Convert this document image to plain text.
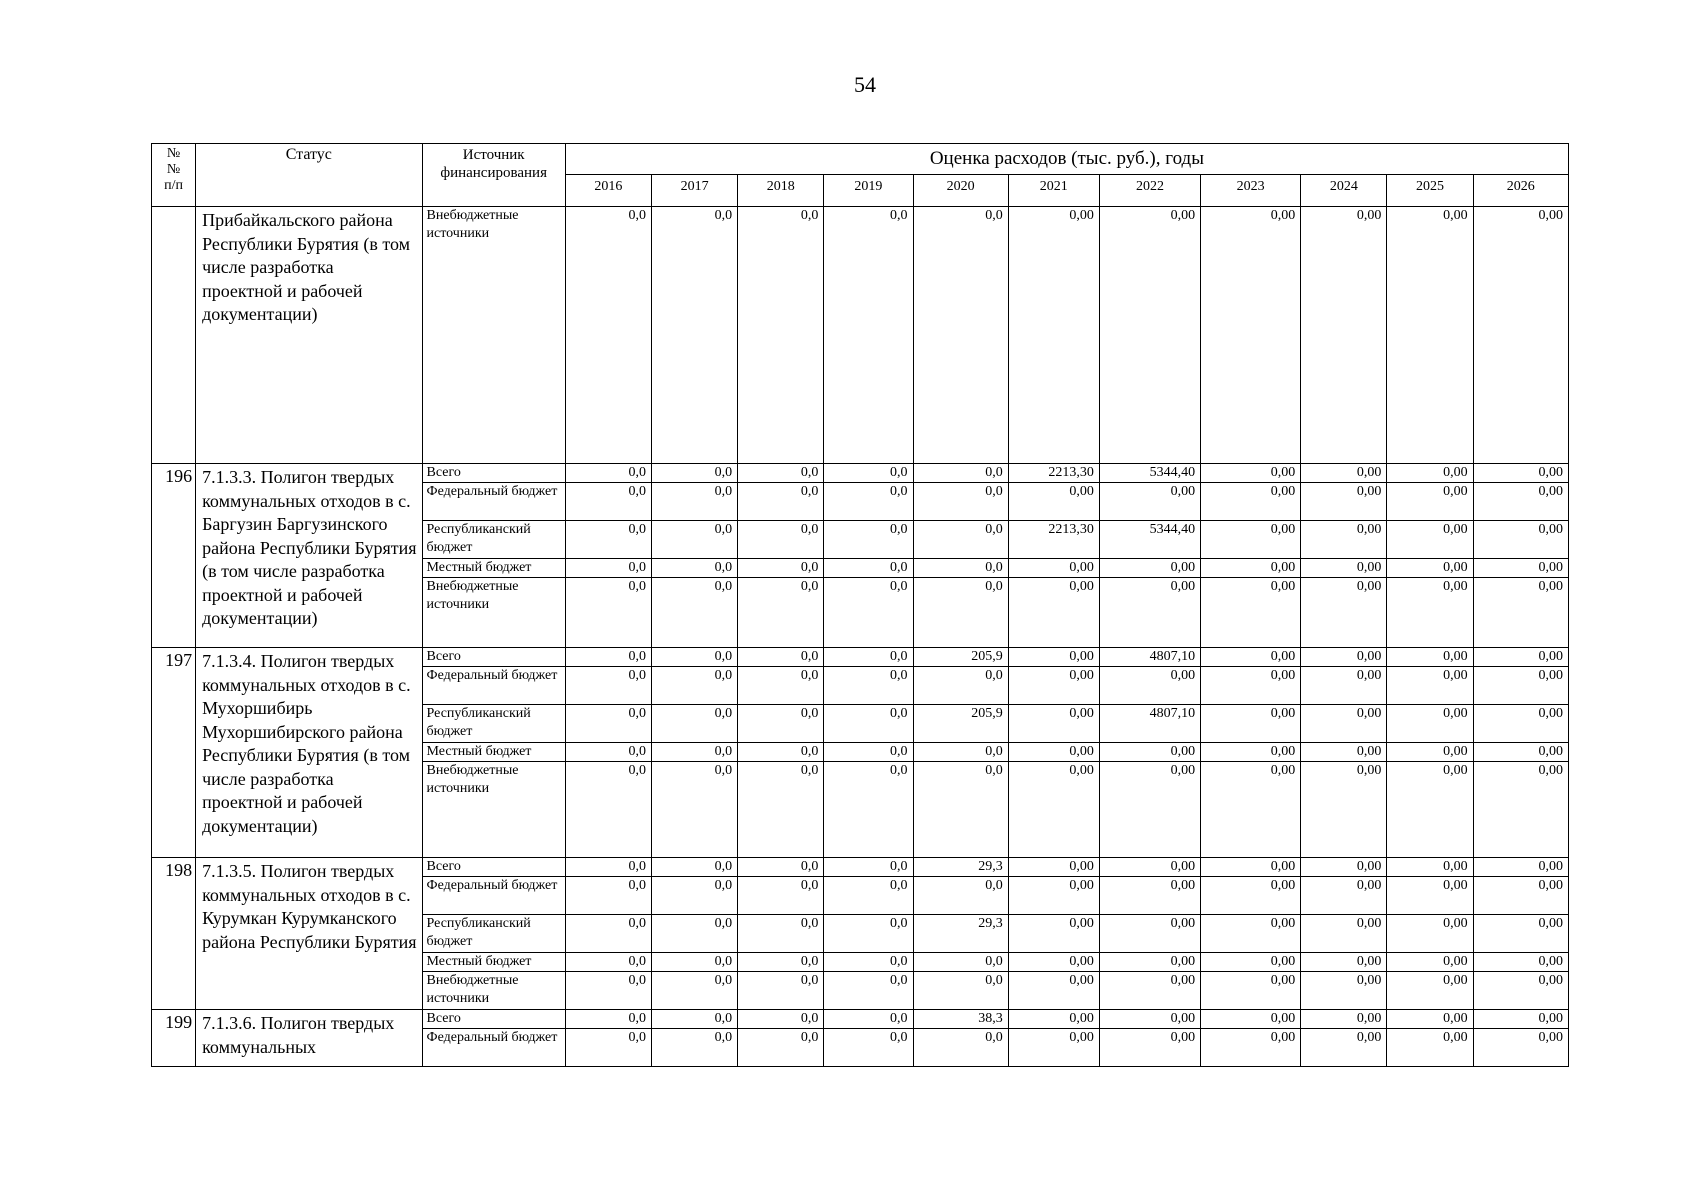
54
№
№
п/п	Статус	Источник финансирования	Оценка расходов (тыс. руб.), годы										
			2016	2017	2018	2019	2020	2021	2022	2023	2024	2025	2026
	Прибайкальского района Республики Бурятия (в том числе разработка проектной и рабочей документации)	Внебюджетные источники	0,0	0,0	0,0	0,0	0,0	0,00	0,00	0,00	0,00	0,00	0,00
196	7.1.3.3. Полигон твердых коммунальных отходов в с. Баргузин Баргузинского района Республики Бурятия (в том числе разработка проектной и рабочей документации)	Всего	0,0	0,0	0,0	0,0	0,0	2213,30	5344,40	0,00	0,00	0,00	0,00
		Федеральный бюджет	0,0	0,0	0,0	0,0	0,0	0,00	0,00	0,00	0,00	0,00	0,00
		Республиканский бюджет	0,0	0,0	0,0	0,0	0,0	2213,30	5344,40	0,00	0,00	0,00	0,00
		Местный бюджет	0,0	0,0	0,0	0,0	0,0	0,00	0,00	0,00	0,00	0,00	0,00
		Внебюджетные источники	0,0	0,0	0,0	0,0	0,0	0,00	0,00	0,00	0,00	0,00	0,00
197	7.1.3.4. Полигон твердых коммунальных отходов в с. Мухоршибирь Мухоршибирского района Республики Бурятия (в том числе разработка проектной и рабочей документации)	Всего	0,0	0,0	0,0	0,0	205,9	0,00	4807,10	0,00	0,00	0,00	0,00
		Федеральный бюджет	0,0	0,0	0,0	0,0	0,0	0,00	0,00	0,00	0,00	0,00	0,00
		Республиканский бюджет	0,0	0,0	0,0	0,0	205,9	0,00	4807,10	0,00	0,00	0,00	0,00
		Местный бюджет	0,0	0,0	0,0	0,0	0,0	0,00	0,00	0,00	0,00	0,00	0,00
		Внебюджетные источники	0,0	0,0	0,0	0,0	0,0	0,00	0,00	0,00	0,00	0,00	0,00
198	7.1.3.5. Полигон твердых коммунальных отходов в с. Курумкан Курумканского района Республики Бурятия	Всего	0,0	0,0	0,0	0,0	29,3	0,00	0,00	0,00	0,00	0,00	0,00
		Федеральный бюджет	0,0	0,0	0,0	0,0	0,0	0,00	0,00	0,00	0,00	0,00	0,00
		Республиканский бюджет	0,0	0,0	0,0	0,0	29,3	0,00	0,00	0,00	0,00	0,00	0,00
		Местный бюджет	0,0	0,0	0,0	0,0	0,0	0,00	0,00	0,00	0,00	0,00	0,00
		Внебюджетные источники	0,0	0,0	0,0	0,0	0,0	0,00	0,00	0,00	0,00	0,00	0,00
199	7.1.3.6. Полигон твердых коммунальных	Всего	0,0	0,0	0,0	0,0	38,3	0,00	0,00	0,00	0,00	0,00	0,00
		Федеральный бюджет	0,0	0,0	0,0	0,0	0,0	0,00	0,00	0,00	0,00	0,00	0,00
